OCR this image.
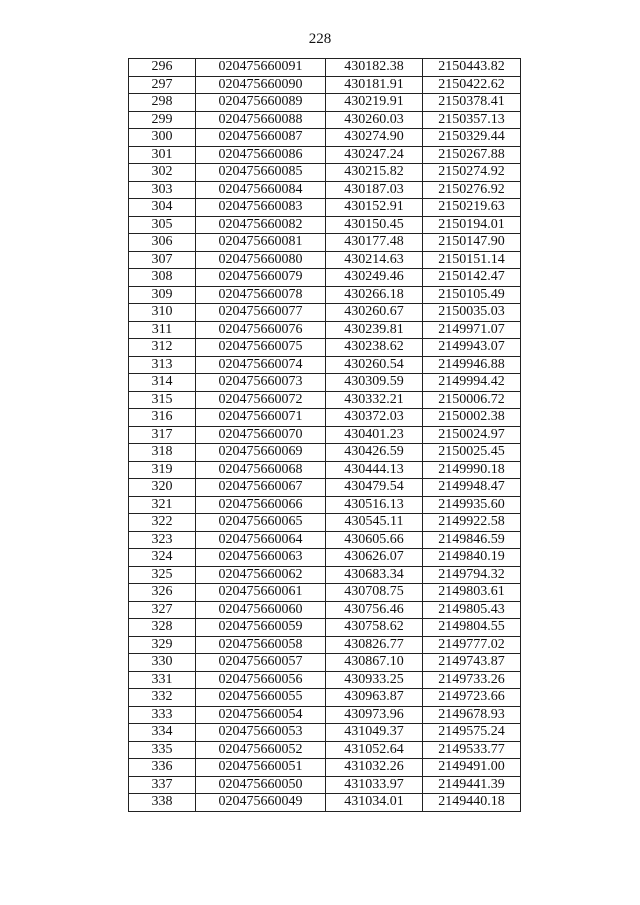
228
296	020475660091	430182.38	2150443.82
297	020475660090	430181.91	2150422.62
298	020475660089	430219.91	2150378.41
299	020475660088	430260.03	2150357.13
300	020475660087	430274.90	2150329.44
301	020475660086	430247.24	2150267.88
302	020475660085	430215.82	2150274.92
303	020475660084	430187.03	2150276.92
304	020475660083	430152.91	2150219.63
305	020475660082	430150.45	2150194.01
306	020475660081	430177.48	2150147.90
307	020475660080	430214.63	2150151.14
308	020475660079	430249.46	2150142.47
309	020475660078	430266.18	2150105.49
310	020475660077	430260.67	2150035.03
311	020475660076	430239.81	2149971.07
312	020475660075	430238.62	2149943.07
313	020475660074	430260.54	2149946.88
314	020475660073	430309.59	2149994.42
315	020475660072	430332.21	2150006.72
316	020475660071	430372.03	2150002.38
317	020475660070	430401.23	2150024.97
318	020475660069	430426.59	2150025.45
319	020475660068	430444.13	2149990.18
320	020475660067	430479.54	2149948.47
321	020475660066	430516.13	2149935.60
322	020475660065	430545.11	2149922.58
323	020475660064	430605.66	2149846.59
324	020475660063	430626.07	2149840.19
325	020475660062	430683.34	2149794.32
326	020475660061	430708.75	2149803.61
327	020475660060	430756.46	2149805.43
328	020475660059	430758.62	2149804.55
329	020475660058	430826.77	2149777.02
330	020475660057	430867.10	2149743.87
331	020475660056	430933.25	2149733.26
332	020475660055	430963.87	2149723.66
333	020475660054	430973.96	2149678.93
334	020475660053	431049.37	2149575.24
335	020475660052	431052.64	2149533.77
336	020475660051	431032.26	2149491.00
337	020475660050	431033.97	2149441.39
338	020475660049	431034.01	2149440.18
